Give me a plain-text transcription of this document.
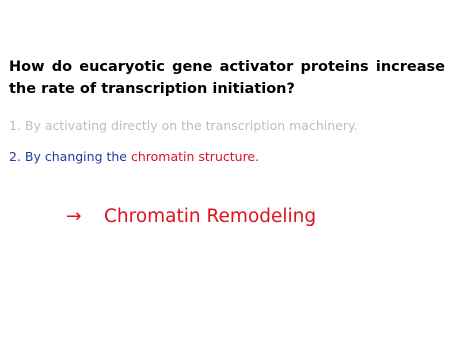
How do eucaryotic gene activator proteins increase the rate of transcription initiation?

1. By activating directly on the transcription machinery.

2. By changing the chromatin structure.

→ Chromatin Remodeling
